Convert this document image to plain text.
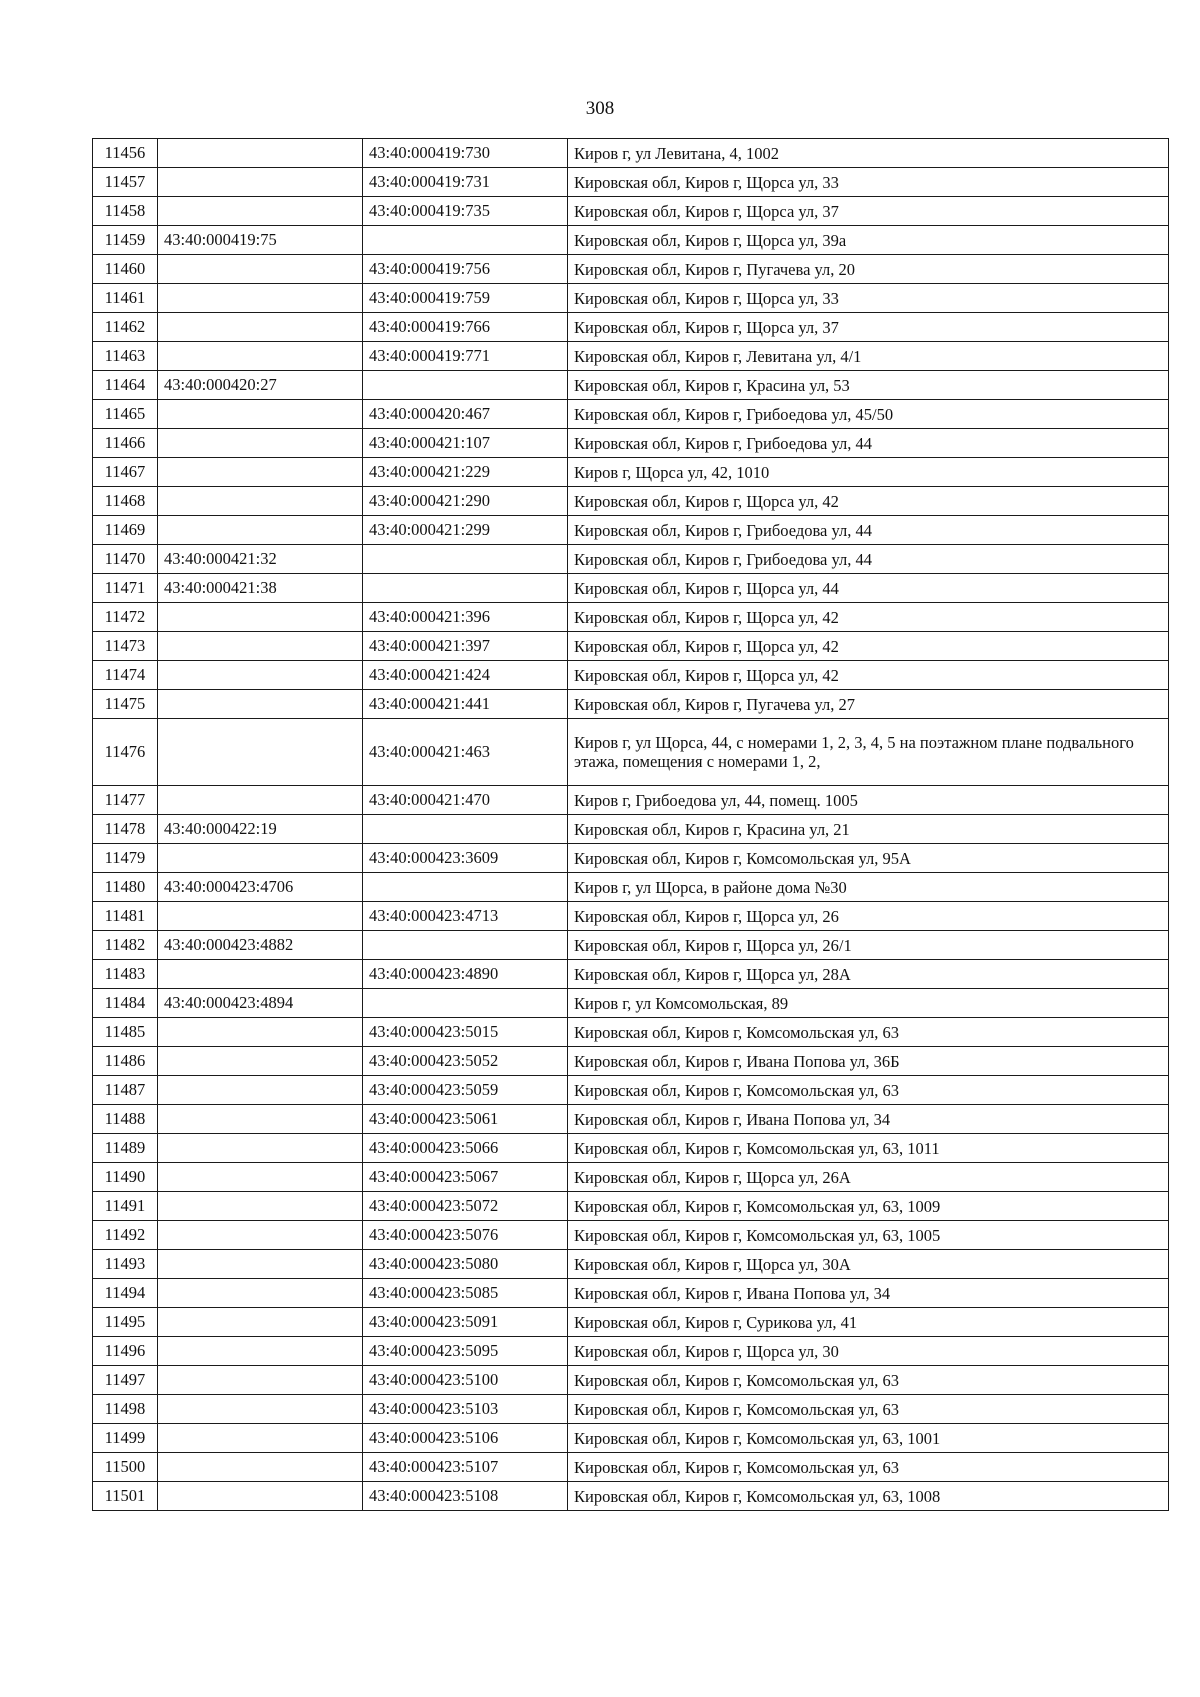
308
11456		43:40:000419:730	Киров г, ул Левитана, 4, 1002
11457		43:40:000419:731	Кировская обл, Киров г, Щорса ул, 33
11458		43:40:000419:735	Кировская обл, Киров г, Щорса ул, 37
11459	43:40:000419:75		Кировская обл, Киров г, Щорса ул, 39а
11460		43:40:000419:756	Кировская обл, Киров г, Пугачева ул, 20
11461		43:40:000419:759	Кировская обл, Киров г, Щорса ул, 33
11462		43:40:000419:766	Кировская обл, Киров г, Щорса ул, 37
11463		43:40:000419:771	Кировская обл, Киров г, Левитана ул, 4/1
11464	43:40:000420:27		Кировская обл, Киров г, Красина ул, 53
11465		43:40:000420:467	Кировская обл, Киров г, Грибоедова ул, 45/50
11466		43:40:000421:107	Кировская обл, Киров г, Грибоедова ул, 44
11467		43:40:000421:229	Киров г, Щорса ул, 42, 1010
11468		43:40:000421:290	Кировская обл, Киров г, Щорса ул, 42
11469		43:40:000421:299	Кировская обл, Киров г, Грибоедова ул, 44
11470	43:40:000421:32		Кировская обл, Киров г, Грибоедова ул, 44
11471	43:40:000421:38		Кировская обл, Киров г, Щорса ул, 44
11472		43:40:000421:396	Кировская обл, Киров г, Щорса ул, 42
11473		43:40:000421:397	Кировская обл, Киров г, Щорса ул, 42
11474		43:40:000421:424	Кировская обл, Киров г, Щорса ул, 42
11475		43:40:000421:441	Кировская обл, Киров г, Пугачева ул, 27
11476		43:40:000421:463	Киров г, ул Щорса, 44, с номерами 1, 2, 3, 4, 5 на поэтажном плане подвального этажа, помещения с номерами 1, 2,
11477		43:40:000421:470	Киров г, Грибоедова ул, 44, помещ. 1005
11478	43:40:000422:19		Кировская обл, Киров г, Красина ул, 21
11479		43:40:000423:3609	Кировская обл, Киров г, Комсомольская ул, 95А
11480	43:40:000423:4706		Киров г, ул Щорса, в районе дома №30
11481		43:40:000423:4713	Кировская обл, Киров г, Щорса ул, 26
11482	43:40:000423:4882		Кировская обл, Киров г, Щорса ул, 26/1
11483		43:40:000423:4890	Кировская обл, Киров г, Щорса ул, 28А
11484	43:40:000423:4894		Киров г, ул Комсомольская, 89
11485		43:40:000423:5015	Кировская обл, Киров г, Комсомольская ул, 63
11486		43:40:000423:5052	Кировская обл, Киров г, Ивана Попова ул, 36Б
11487		43:40:000423:5059	Кировская обл, Киров г, Комсомольская ул, 63
11488		43:40:000423:5061	Кировская обл, Киров г, Ивана Попова ул, 34
11489		43:40:000423:5066	Кировская обл, Киров г, Комсомольская ул, 63, 1011
11490		43:40:000423:5067	Кировская обл, Киров г, Щорса ул, 26А
11491		43:40:000423:5072	Кировская обл, Киров г, Комсомольская ул, 63, 1009
11492		43:40:000423:5076	Кировская обл, Киров г, Комсомольская ул, 63, 1005
11493		43:40:000423:5080	Кировская обл, Киров г, Щорса ул, 30А
11494		43:40:000423:5085	Кировская обл, Киров г, Ивана Попова ул, 34
11495		43:40:000423:5091	Кировская обл, Киров г, Сурикова ул, 41
11496		43:40:000423:5095	Кировская обл, Киров г, Щорса ул, 30
11497		43:40:000423:5100	Кировская обл, Киров г, Комсомольская ул, 63
11498		43:40:000423:5103	Кировская обл, Киров г, Комсомольская ул, 63
11499		43:40:000423:5106	Кировская обл, Киров г, Комсомольская ул, 63, 1001
11500		43:40:000423:5107	Кировская обл, Киров г, Комсомольская ул, 63
11501		43:40:000423:5108	Кировская обл, Киров г, Комсомольская ул, 63, 1008
